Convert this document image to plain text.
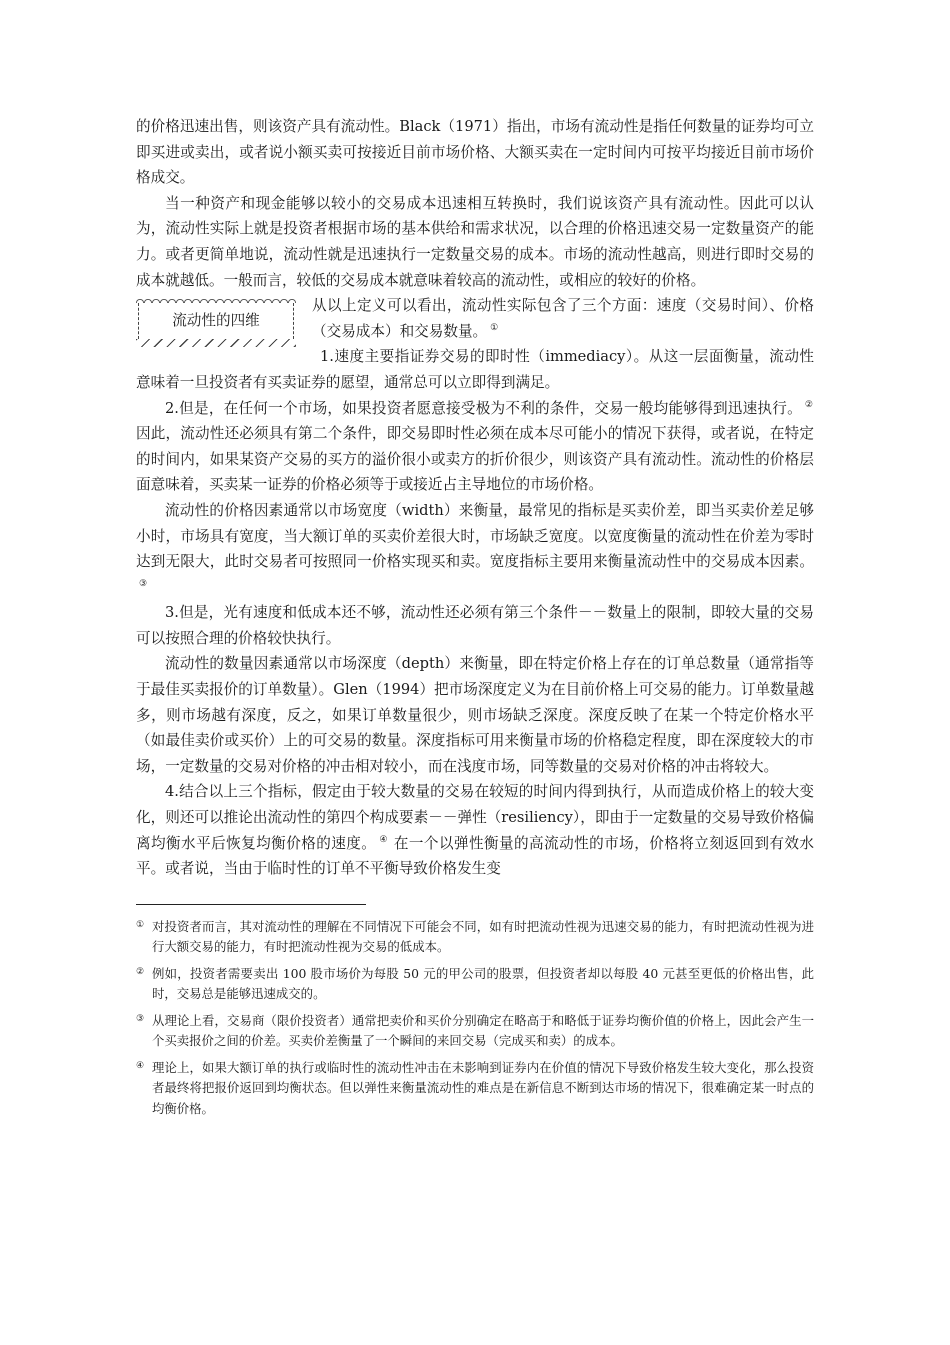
的价格迅速出售，则该资产具有流动性。Black（1971）指出，市场有流动性是指任何数量的证券均可立即买进或卖出，或者说小额买卖可按接近目前市场价格、大额买卖在一定时间内可按平均接近目前市场价格成交。

当一种资产和现金能够以较小的交易成本迅速相互转换时，我们说该资产具有流动性。因此可以认为，流动性实际上就是投资者根据市场的基本供给和需求状况，以合理的价格迅速交易一定数量资产的能力。或者更简单地说，流动性就是迅速执行一定数量交易的成本。市场的流动性越高，则进行即时交易的成本就越低。一般而言，较低的交易成本就意味着较高的流动性，或相应的较好的价格。

流动性的四维

从以上定义可以看出，流动性实际包含了三个方面：速度（交易时间）、价格（交易成本）和交易数量。 ①

1.速度主要指证券交易的即时性（immediacy）。从这一层面衡量，流动性意味着一旦投资者有买卖证券的愿望，通常总可以立即得到满足。

2.但是，在任何一个市场，如果投资者愿意接受极为不利的条件，交易一般均能够得到迅速执行。 ② 因此，流动性还必须具有第二个条件，即交易即时性必须在成本尽可能小的情况下获得，或者说，在特定的时间内，如果某资产交易的买方的溢价很小或卖方的折价很少，则该资产具有流动性。流动性的价格层面意味着，买卖某一证券的价格必须等于或接近占主导地位的市场价格。

流动性的价格因素通常以市场宽度（width）来衡量，最常见的指标是买卖价差，即当买卖价差足够小时，市场具有宽度，当大额订单的买卖价差很大时，市场缺乏宽度。以宽度衡量的流动性在价差为零时达到无限大，此时交易者可按照同一价格实现买和卖。宽度指标主要用来衡量流动性中的交易成本因素。③

3.但是，光有速度和低成本还不够，流动性还必须有第三个条件－－数量上的限制，即较大量的交易可以按照合理的价格较快执行。

流动性的数量因素通常以市场深度（depth）来衡量，即在特定价格上存在的订单总数量（通常指等于最佳买卖报价的订单数量）。Glen（1994）把市场深度定义为在目前价格上可交易的能力。订单数量越多，则市场越有深度，反之，如果订单数量很少，则市场缺乏深度。深度反映了在某一个特定价格水平（如最佳卖价或买价）上的可交易的数量。深度指标可用来衡量市场的价格稳定程度，即在深度较大的市场，一定数量的交易对价格的冲击相对较小，而在浅度市场，同等数量的交易对价格的冲击将较大。

4.结合以上三个指标，假定由于较大数量的交易在较短的时间内得到执行，从而造成价格上的较大变化，则还可以推论出流动性的第四个构成要素－－弹性（resiliency），即由于一定数量的交易导致价格偏离均衡水平后恢复均衡价格的速度。 ④ 在一个以弹性衡量的高流动性的市场，价格将立刻返回到有效水平。或者说，当由于临时性的订单不平衡导致价格发生变

① 对投资者而言，其对流动性的理解在不同情况下可能会不同，如有时把流动性视为迅速交易的能力，有时把流动性视为进行大额交易的能力，有时把流动性视为交易的低成本。
② 例如，投资者需要卖出 100 股市场价为每股 50 元的甲公司的股票，但投资者却以每股 40 元甚至更低的价格出售，此时，交易总是能够迅速成交的。
③ 从理论上看，交易商（限价投资者）通常把卖价和买价分别确定在略高于和略低于证券均衡价值的价格上，因此会产生一个买卖报价之间的价差。买卖价差衡量了一个瞬间的来回交易（完成买和卖）的成本。
④ 理论上，如果大额订单的执行或临时性的流动性冲击在未影响到证券内在价值的情况下导致价格发生较大变化，那么投资者最终将把报价返回到均衡状态。但以弹性来衡量流动性的难点是在新信息不断到达市场的情况下，很难确定某一时点的均衡价格。
